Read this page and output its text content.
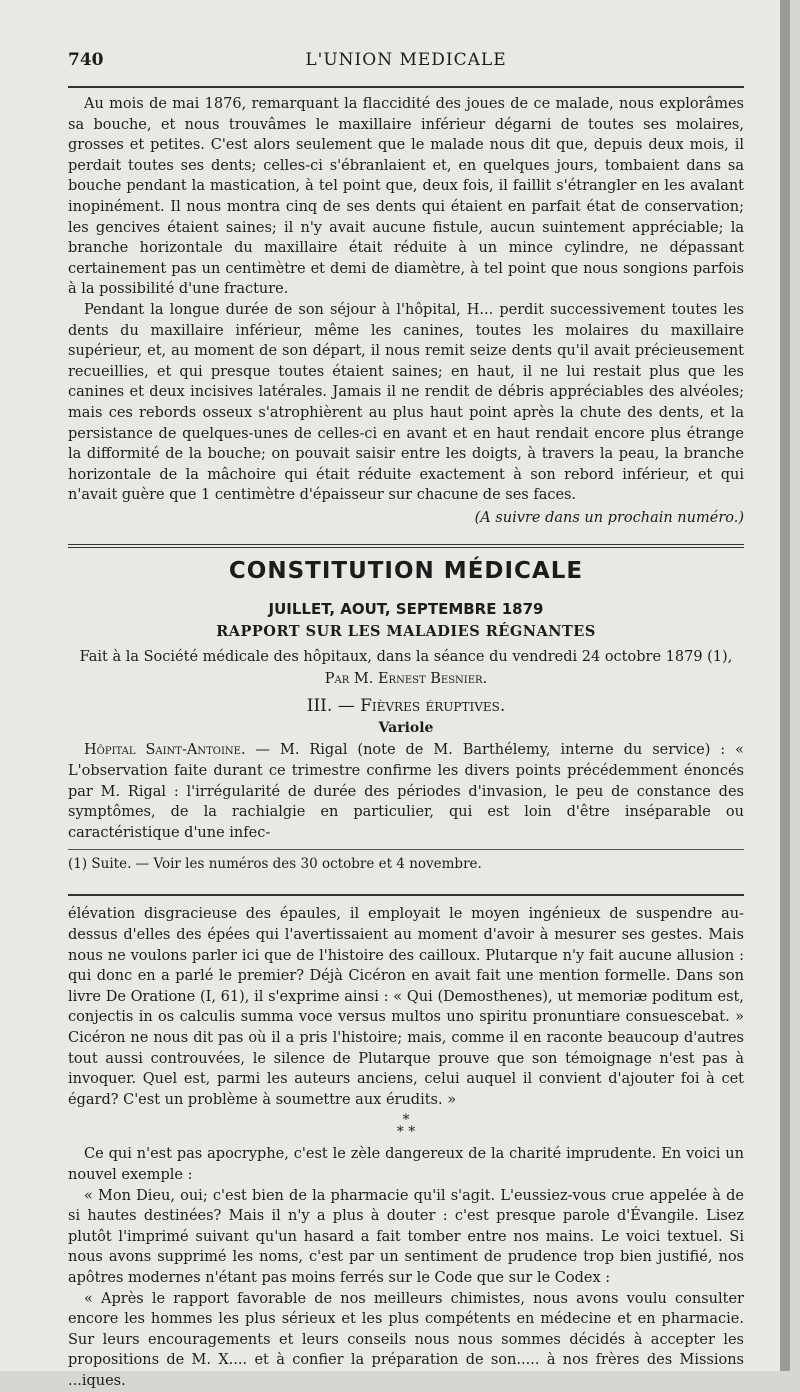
740	L'UNION MEDICALE

Au mois de mai 1876, remarquant la flaccidité des joues de ce malade, nous explorâmes sa bouche, et nous trouvâmes le maxillaire inférieur dégarni de toutes ses molaires, grosses et petites. C'est alors seulement que le malade nous dit que, depuis deux mois, il perdait toutes ses dents; celles-ci s'ébranlaient et, en quelques jours, tombaient dans sa bouche pendant la mastication, à tel point que, deux fois, il faillit s'étrangler en les avalant inopinément. Il nous montra cinq de ses dents qui étaient en parfait état de conservation; les gencives étaient saines; il n'y avait aucune fistule, aucun suintement appréciable; la branche horizontale du maxillaire était réduite à un mince cylindre, ne dépassant certainement pas un centimètre et demi de diamètre, à tel point que nous songions parfois à la possibilité d'une fracture.

Pendant la longue durée de son séjour à l'hôpital, H... perdit successivement toutes les dents du maxillaire inférieur, même les canines, toutes les molaires du maxillaire supérieur, et, au moment de son départ, il nous remit seize dents qu'il avait précieusement recueillies, et qui presque toutes étaient saines; en haut, il ne lui restait plus que les canines et deux incisives latérales. Jamais il ne rendit de débris appréciables des alvéoles; mais ces rebords osseux s'atrophièrent au plus haut point après la chute des dents, et la persistance de quelques-unes de celles-ci en avant et en haut rendait encore plus étrange la difformité de la bouche; on pouvait saisir entre les doigts, à travers la peau, la branche horizontale de la mâchoire qui était réduite exactement à son rebord inférieur, et qui n'avait guère que 1 centimètre d'épaisseur sur chacune de ses faces.

(A suivre dans un prochain numéro.)
CONSTITUTION MÉDICALE
JUILLET, AOUT, SEPTEMBRE 1879
RAPPORT SUR LES MALADIES RÉGNANTES
Fait à la Société médicale des hôpitaux, dans la séance du vendredi 24 octobre 1879 (1),
Par M. Ernest Besnier.
III. — Fièvres éruptives.
Variole

Hôpital Saint-Antoine. — M. Rigal (note de M. Barthélemy, interne du service) : « L'observation faite durant ce trimestre confirme les divers points précédemment énoncés par M. Rigal : l'irrégularité de durée des périodes d'invasion, le peu de constance des symptômes, de la rachialgie en particulier, qui est loin d'être inséparable ou caractéristique d'une infec-

(1) Suite. — Voir les numéros des 30 octobre et 4 novembre.

élévation disgracieuse des épaules, il employait le moyen ingénieux de suspendre au-dessus d'elles des épées qui l'avertissaient au moment d'avoir à mesurer ses gestes. Mais nous ne voulons parler ici que de l'histoire des cailloux. Plutarque n'y fait aucune allusion : qui donc en a parlé le premier? Déjà Cicéron en avait fait une mention formelle. Dans son livre De Oratione (I, 61), il s'exprime ainsi : « Qui (Demosthenes), ut memoriæ poditum est, conjectis in os calculis summa voce versus multos uno spiritu pronuntiare consuescebat. » Cicéron ne nous dit pas où il a pris l'histoire; mais, comme il en raconte beaucoup d'autres tout aussi controuvées, le silence de Plutarque prouve que son témoignage n'est pas à invoquer. Quel est, parmi les auteurs anciens, celui auquel il convient d'ajouter foi à cet égard? C'est un problème à soumettre aux érudits. »

*
* *

Ce qui n'est pas apocryphe, c'est le zèle dangereux de la charité imprudente. En voici un nouvel exemple :

« Mon Dieu, oui; c'est bien de la pharmacie qu'il s'agit. L'eussiez-vous crue appelée à de si hautes destinées? Mais il n'y a plus à douter : c'est presque parole d'Évangile. Lisez plutôt l'imprimé suivant qu'un hasard a fait tomber entre nos mains. Le voici textuel. Si nous avons supprimé les noms, c'est par un sentiment de prudence trop bien justifié, nos apôtres modernes n'étant pas moins ferrés sur le Code que sur le Codex :

« Après le rapport favorable de nos meilleurs chimistes, nous avons voulu consulter encore les hommes les plus sérieux et les plus compétents en médecine et en pharmacie. Sur leurs encouragements et leurs conseils nous nous sommes décidés à accepter les propositions de M. X.... et à confier la préparation de son..... à nos frères des Missions ...iques.
